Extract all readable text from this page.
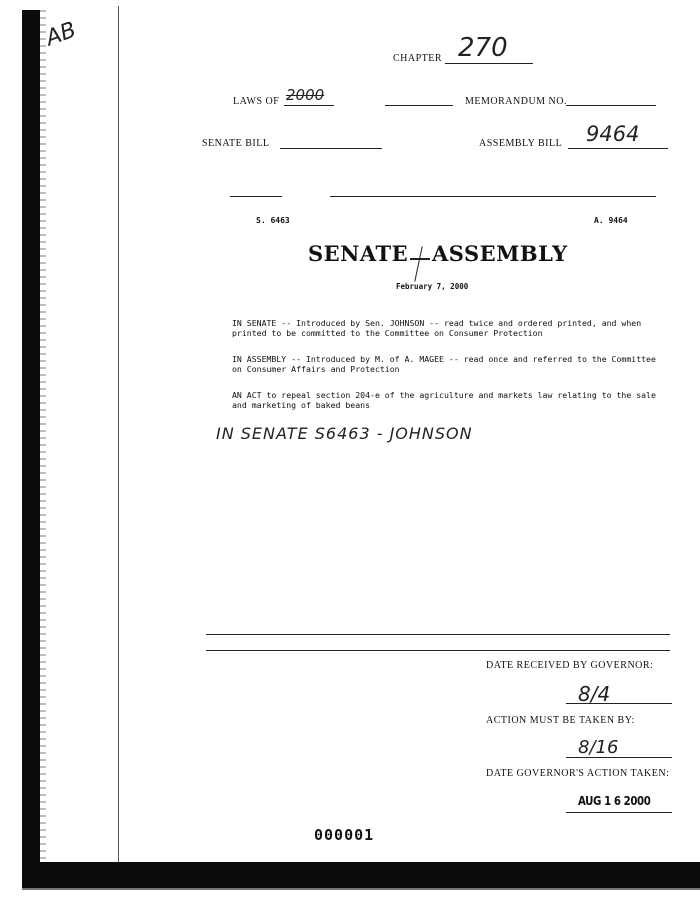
AB
CHAPTER 270
LAWS OF 2000	MEMORANDUM NO.
SENATE BILL	ASSEMBLY BILL 9464
S. 6463	A. 9464
SENATE ASSEMBLY
February 7, 2000
IN SENATE -- Introduced by Sen. JOHNSON -- read twice and ordered printed, and when printed to be committed to the Committee on Consumer Protection
IN ASSEMBLY -- Introduced by M. of A. MAGEE -- read once and referred to the Committee on Consumer Affairs and Protection
AN ACT to repeal section 204-e of the agriculture and markets law relating to the sale and marketing of baked beans
IN SENATE S6463 - JOHNSON
DATE RECEIVED BY GOVERNOR:
8/4
ACTION MUST BE TAKEN BY:
8/16
DATE GOVERNOR'S ACTION TAKEN:
AUG 1 6 2000
000001
